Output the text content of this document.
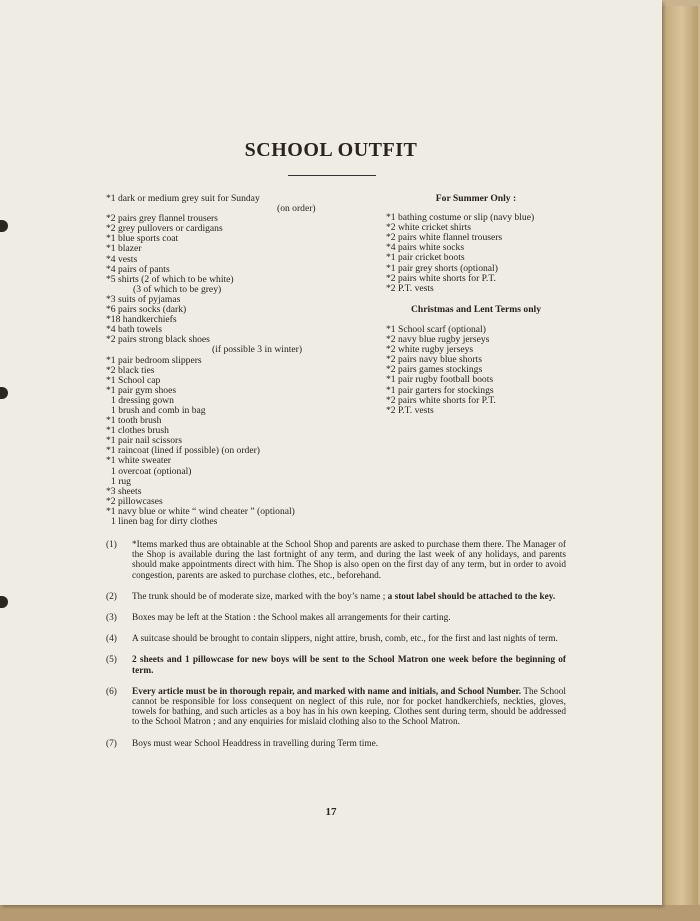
SCHOOL OUTFIT
*1 dark or medium grey suit for Sunday
(on order)
*2 pairs grey flannel trousers
*2 grey pullovers or cardigans
*1 blue sports coat
*1 blazer
*4 vests
*4 pairs of pants
*5 shirts (2 of which to be white)
(3 of which to be grey)
*3 suits of pyjamas
*6 pairs socks (dark)
*18 handkerchiefs
*4 bath towels
*2 pairs strong black shoes
(if possible 3 in winter)
*1 pair bedroom slippers
*2 black ties
*1 School cap
*1 pair gym shoes
1 dressing gown
1 brush and comb in bag
*1 tooth brush
*1 clothes brush
*1 pair nail scissors
*1 raincoat (lined if possible) (on order)
*1 white sweater
1 overcoat (optional)
1 rug
*3 sheets
*2 pillowcases
*1 navy blue or white “ wind cheater ” (optional)
1 linen bag for dirty clothes
For Summer Only :
*1 bathing costume or slip (navy blue)
*2 white cricket shirts
*2 pairs white flannel trousers
*4 pairs white socks
*1 pair cricket boots
*1 pair grey shorts (optional)
*2 pairs white shorts for P.T.
*2 P.T. vests
Christmas and Lent Terms only
*1 School scarf (optional)
*2 navy blue rugby jerseys
*2 white rugby jerseys
*2 pairs navy blue shorts
*2 pairs games stockings
*1 pair rugby football boots
*1 pair garters for stockings
*2 pairs white shorts for P.T.
*2 P.T. vests
(1)	*Items marked thus are obtainable at the School Shop and parents are asked to purchase them there. The Manager of the Shop is available during the last fortnight of any term, and during the last week of any holidays, and parents should make appointments direct with him. The Shop is also open on the first day of any term, but in order to avoid congestion, parents are asked to purchase clothes, etc., beforehand.
(2)	The trunk should be of moderate size, marked with the boy’s name ; a stout label should be attached to the key.
(3)	Boxes may be left at the Station : the School makes all arrangements for their carting.
(4)	A suitcase should be brought to contain slippers, night attire, brush, comb, etc., for the first and last nights of term.
(5)	2 sheets and 1 pillowcase for new boys will be sent to the School Matron one week before the beginning of term.
(6)	Every article must be in thorough repair, and marked with name and initials, and School Number. The School cannot be responsible for loss consequent on neglect of this rule, nor for pocket handkerchiefs, neckties, gloves, towels for bathing, and such articles as a boy has in his own keeping. Clothes sent during term, should be addressed to the School Matron ; and any enquiries for mislaid clothing also to the School Matron.
(7)	Boys must wear School Headdress in travelling during Term time.
17
